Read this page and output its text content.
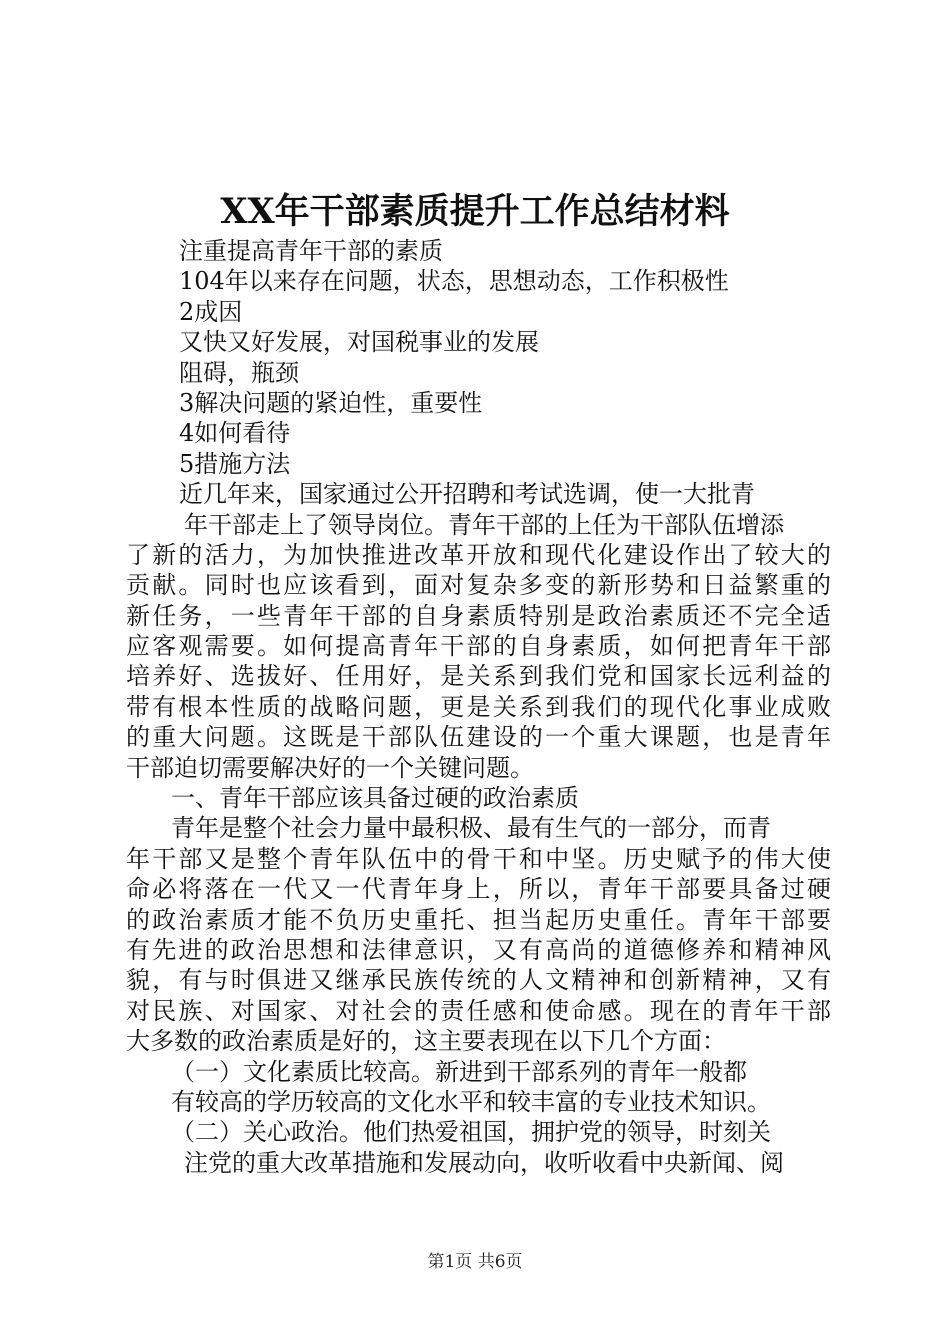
XX年干部素质提升工作总结材料
注重提高青年干部的素质
104年以来存在问题，状态，思想动态，工作积极性
2成因
又快又好发展，对国税事业的发展
阻碍，瓶颈
3解决问题的紧迫性，重要性
4如何看待
5措施方法
近几年来，国家通过公开招聘和考试选调，使一大批青
年干部走上了领导岗位。青年干部的上任为干部队伍增添
了新的活力，为加快推进改革开放和现代化建设作出了较大的
贡献。同时也应该看到，面对复杂多变的新形势和日益繁重的
新任务，一些青年干部的自身素质特别是政治素质还不完全适
应客观需要。如何提高青年干部的自身素质，如何把青年干部
培养好、选拔好、任用好，是关系到我们党和国家长远利益的
带有根本性质的战略问题，更是关系到我们的现代化事业成败
的重大问题。这既是干部队伍建设的一个重大课题，也是青年
干部迫切需要解决好的一个关键问题。
一、青年干部应该具备过硬的政治素质
青年是整个社会力量中最积极、最有生气的一部分，而青
年干部又是整个青年队伍中的骨干和中坚。历史赋予的伟大使
命必将落在一代又一代青年身上，所以，青年干部要具备过硬
的政治素质才能不负历史重托、担当起历史重任。青年干部要
有先进的政治思想和法律意识，又有高尚的道德修养和精神风
貌，有与时俱进又继承民族传统的人文精神和创新精神，又有
对民族、对国家、对社会的责任感和使命感。现在的青年干部
大多数的政治素质是好的，这主要表现在以下几个方面：
（一）文化素质比较高。新进到干部系列的青年一般都
有较高的学历较高的文化水平和较丰富的专业技术知识。
（二）关心政治。他们热爱祖国，拥护党的领导，时刻关
注党的重大改革措施和发展动向，收听收看中央新闻、阅
第1页 共6页
